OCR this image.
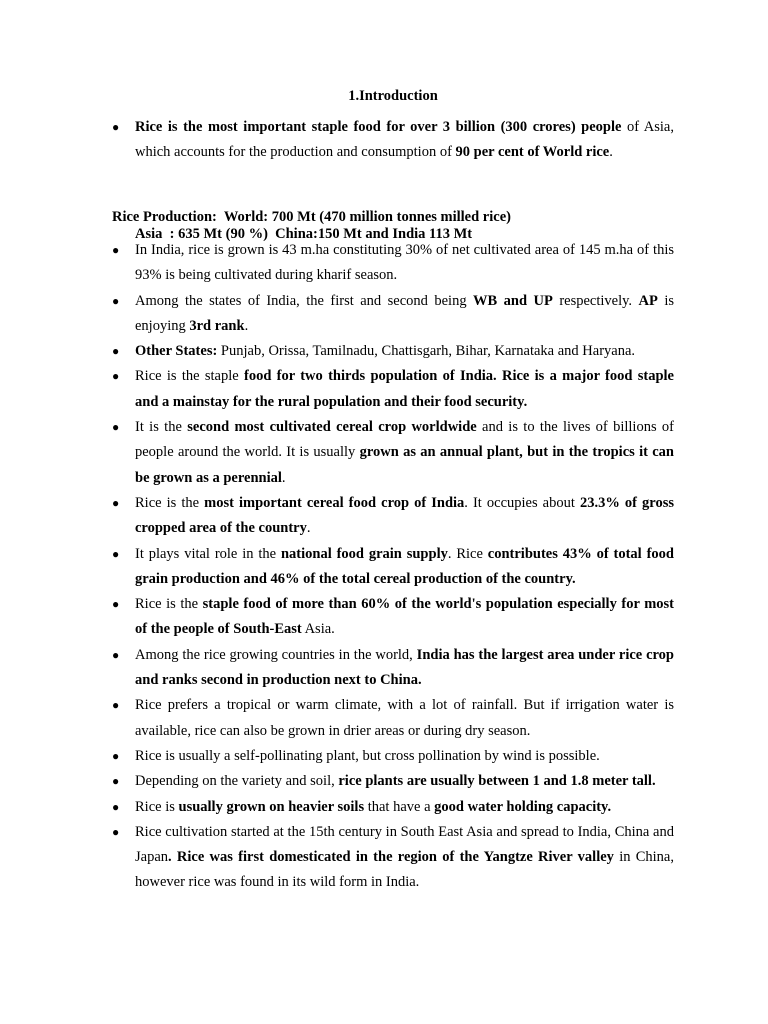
1.Introduction
● Rice is the most important staple food for over 3 billion (300 crores) people of Asia, which accounts for the production and consumption of 90 per cent of World rice.
Rice Production:  World: 700 Mt (470 million tonnes milled rice)
Asia  : 635 Mt (90 %)  China:150 Mt and India 113 Mt
● In India, rice is grown is 43 m.ha constituting 30% of net cultivated area of 145 m.ha of this 93% is being cultivated during kharif season.
● Among the states of India, the first and second being WB and UP respectively. AP is enjoying 3rd rank.
● Other States: Punjab, Orissa, Tamilnadu, Chattisgarh, Bihar, Karnataka and Haryana.
● Rice is the staple food for two thirds population of India. Rice is a major food staple and a mainstay for the rural population and their food security.
● It is the second most cultivated cereal crop worldwide and is to the lives of billions of people around the world. It is usually grown as an annual plant, but in the tropics it can be grown as a perennial.
● Rice is the most important cereal food crop of India. It occupies about 23.3% of gross cropped area of the country.
● It plays vital role in the national food grain supply. Rice contributes 43% of total food grain production and 46% of the total cereal production of the country.
● Rice is the staple food of more than 60% of the world's population especially for most of the people of South-East Asia.
● Among the rice growing countries in the world, India has the largest area under rice crop and ranks second in production next to China.
● Rice prefers a tropical or warm climate, with a lot of rainfall. But if irrigation water is available, rice can also be grown in drier areas or during dry season.
● Rice is usually a self-pollinating plant, but cross pollination by wind is possible.
● Depending on the variety and soil, rice plants are usually between 1 and 1.8 meter tall.
● Rice is usually grown on heavier soils that have a good water holding capacity.
● Rice cultivation started at the 15th century in South East Asia and spread to India, China and Japan. Rice was first domesticated in the region of the Yangtze River valley in China, however rice was found in its wild form in India.
